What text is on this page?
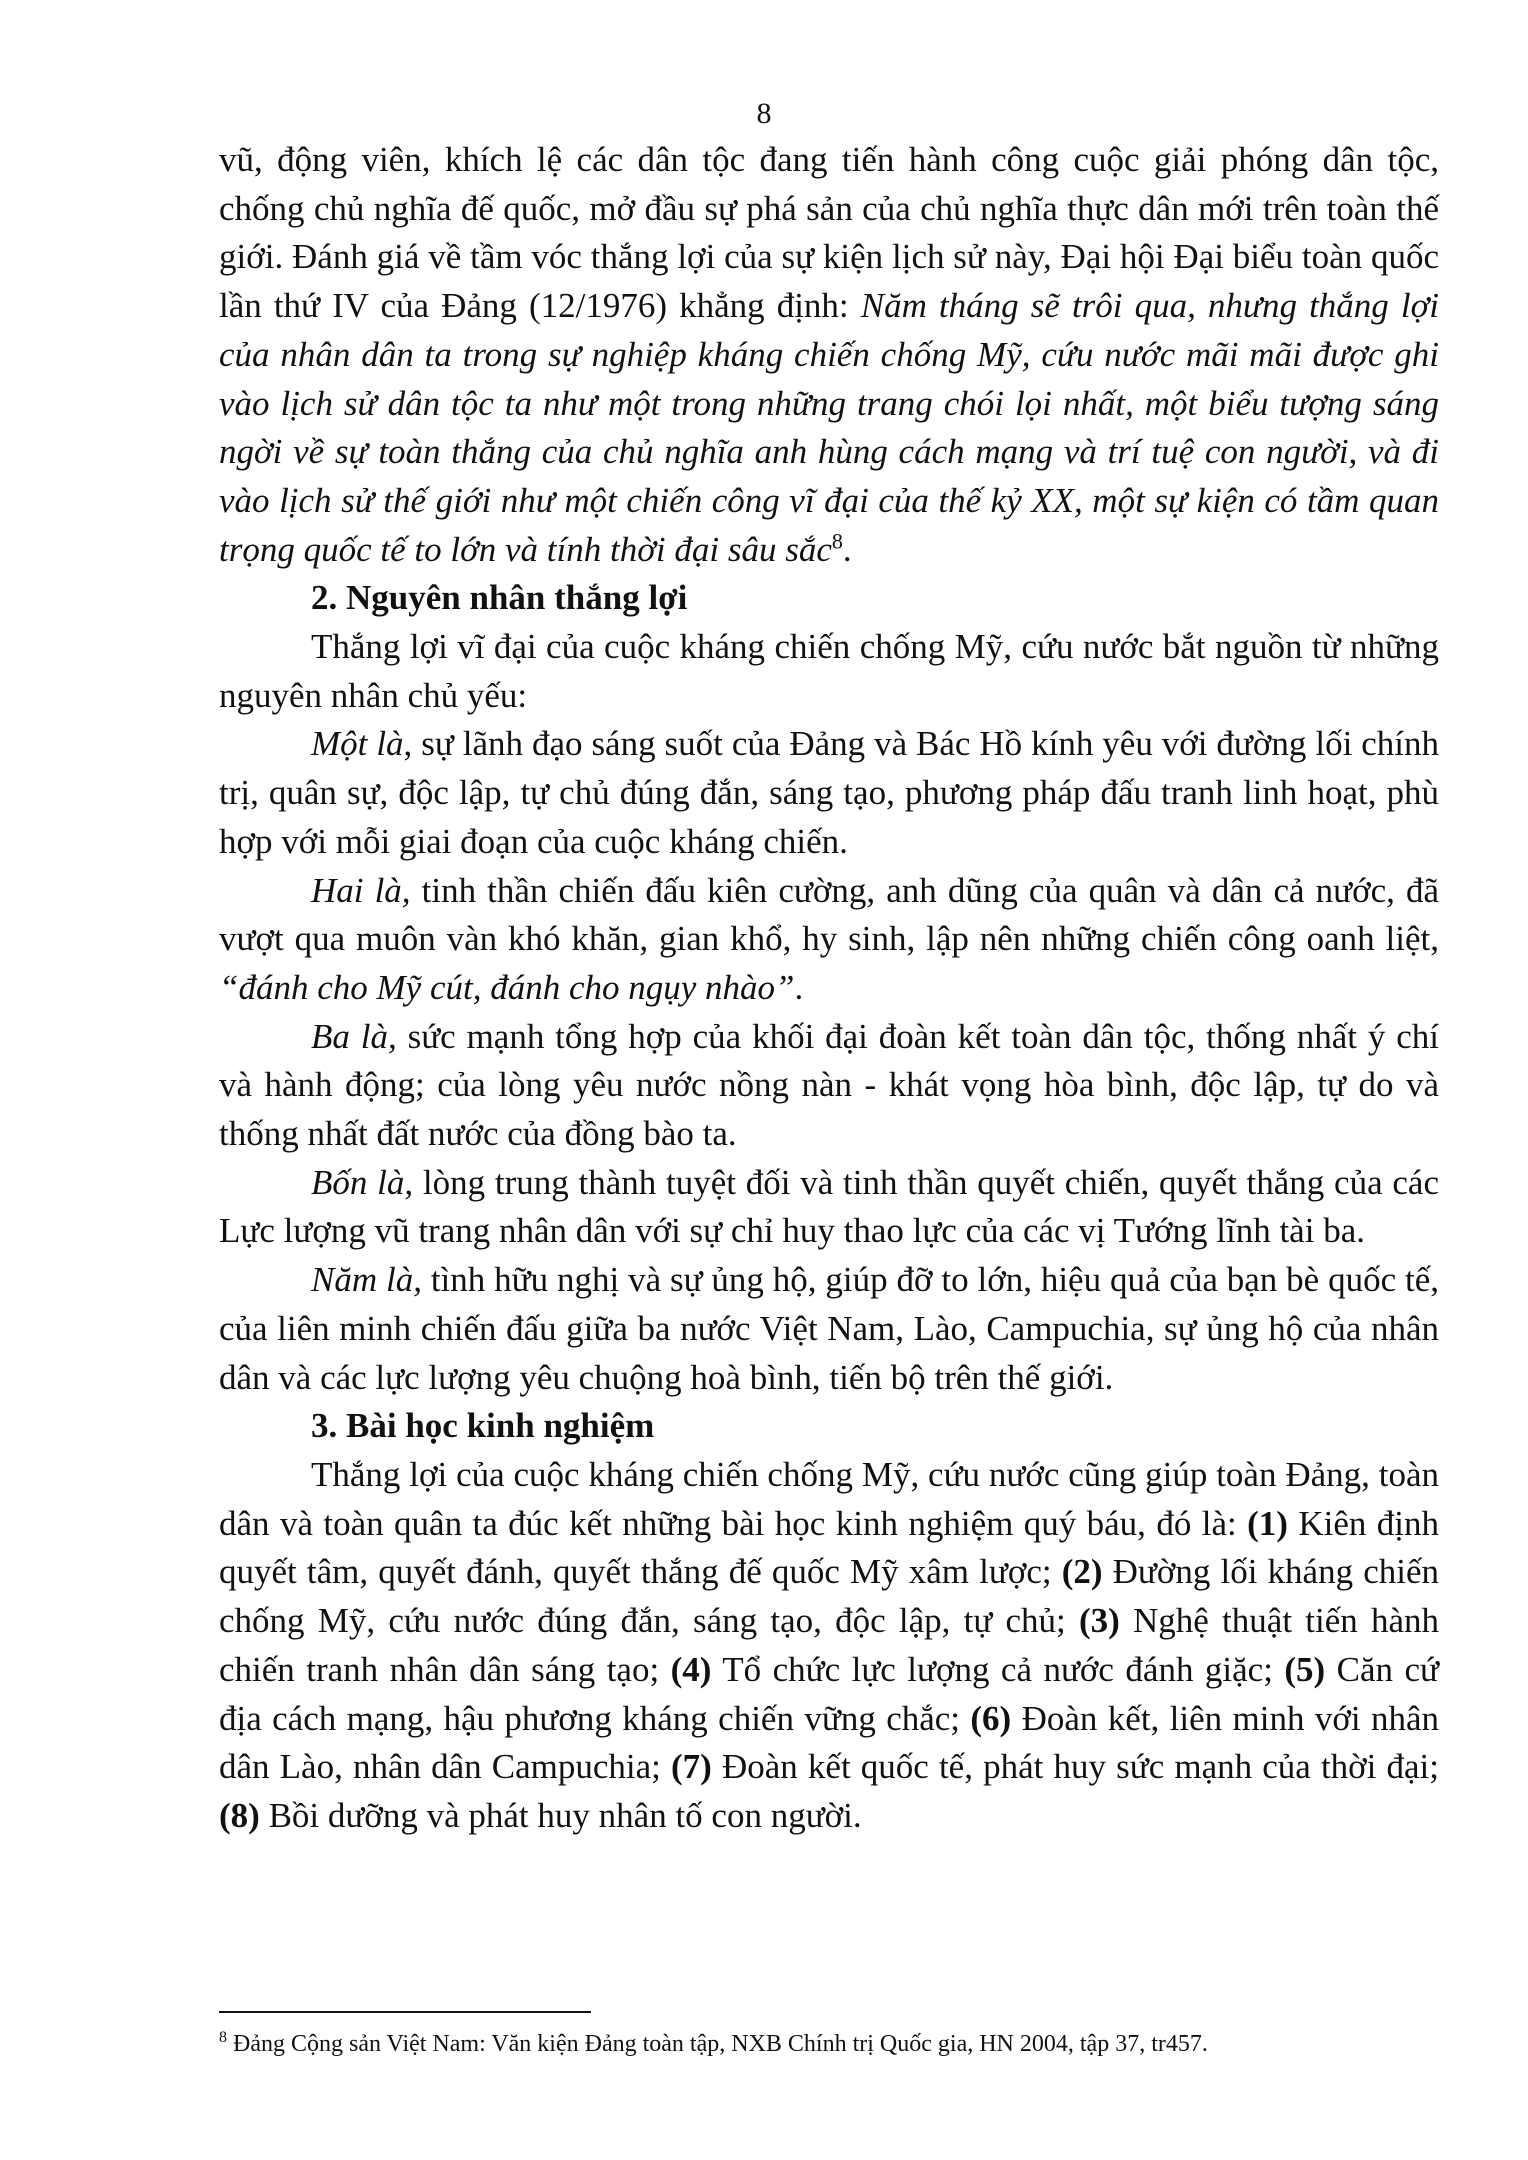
8

vũ, động viên, khích lệ các dân tộc đang tiến hành công cuộc giải phóng dân tộc, chống chủ nghĩa đế quốc, mở đầu sự phá sản của chủ nghĩa thực dân mới trên toàn thế giới. Đánh giá về tầm vóc thắng lợi của sự kiện lịch sử này, Đại hội Đại biểu toàn quốc lần thứ IV của Đảng (12/1976) khẳng định: Năm tháng sẽ trôi qua, nhưng thắng lợi của nhân dân ta trong sự nghiệp kháng chiến chống Mỹ, cứu nước mãi mãi được ghi vào lịch sử dân tộc ta như một trong những trang chói lọi nhất, một biểu tượng sáng ngời về sự toàn thắng của chủ nghĩa anh hùng cách mạng và trí tuệ con người, và đi vào lịch sử thế giới như một chiến công vĩ đại của thế kỷ XX, một sự kiện có tầm quan trọng quốc tế to lớn và tính thời đại sâu sắc$^8$.

2. Nguyên nhân thắng lợi

Thắng lợi vĩ đại của cuộc kháng chiến chống Mỹ, cứu nước bắt nguồn từ những nguyên nhân chủ yếu:

Một là, sự lãnh đạo sáng suốt của Đảng và Bác Hồ kính yêu với đường lối chính trị, quân sự, độc lập, tự chủ đúng đắn, sáng tạo, phương pháp đấu tranh linh hoạt, phù hợp với mỗi giai đoạn của cuộc kháng chiến.

Hai là, tinh thần chiến đấu kiên cường, anh dũng của quân và dân cả nước, đã vượt qua muôn vàn khó khăn, gian khổ, hy sinh, lập nên những chiến công oanh liệt, “đánh cho Mỹ cút, đánh cho ngụy nhào”.

Ba là, sức mạnh tổng hợp của khối đại đoàn kết toàn dân tộc, thống nhất ý chí và hành động; của lòng yêu nước nồng nàn - khát vọng hòa bình, độc lập, tự do và thống nhất đất nước của đồng bào ta.

Bốn là, lòng trung thành tuyệt đối và tinh thần quyết chiến, quyết thắng của các Lực lượng vũ trang nhân dân với sự chỉ huy thao lực của các vị Tướng lĩnh tài ba.

Năm là, tình hữu nghị và sự ủng hộ, giúp đỡ to lớn, hiệu quả của bạn bè quốc tế, của liên minh chiến đấu giữa ba nước Việt Nam, Lào, Campuchia, sự ủng hộ của nhân dân và các lực lượng yêu chuộng hoà bình, tiến bộ trên thế giới.

3. Bài học kinh nghiệm

Thắng lợi của cuộc kháng chiến chống Mỹ, cứu nước cũng giúp toàn Đảng, toàn dân và toàn quân ta đúc kết những bài học kinh nghiệm quý báu, đó là: (1) Kiên định quyết tâm, quyết đánh, quyết thắng đế quốc Mỹ xâm lược; (2) Đường lối kháng chiến chống Mỹ, cứu nước đúng đắn, sáng tạo, độc lập, tự chủ; (3) Nghệ thuật tiến hành chiến tranh nhân dân sáng tạo; (4) Tổ chức lực lượng cả nước đánh giặc; (5) Căn cứ địa cách mạng, hậu phương kháng chiến vững chắc; (6) Đoàn kết, liên minh với nhân dân Lào, nhân dân Campuchia; (7) Đoàn kết quốc tế, phát huy sức mạnh của thời đại; (8) Bồi dưỡng và phát huy nhân tố con người.

$^8$ Đảng Cộng sản Việt Nam: Văn kiện Đảng toàn tập, NXB Chính trị Quốc gia, HN 2004, tập 37, tr457.
